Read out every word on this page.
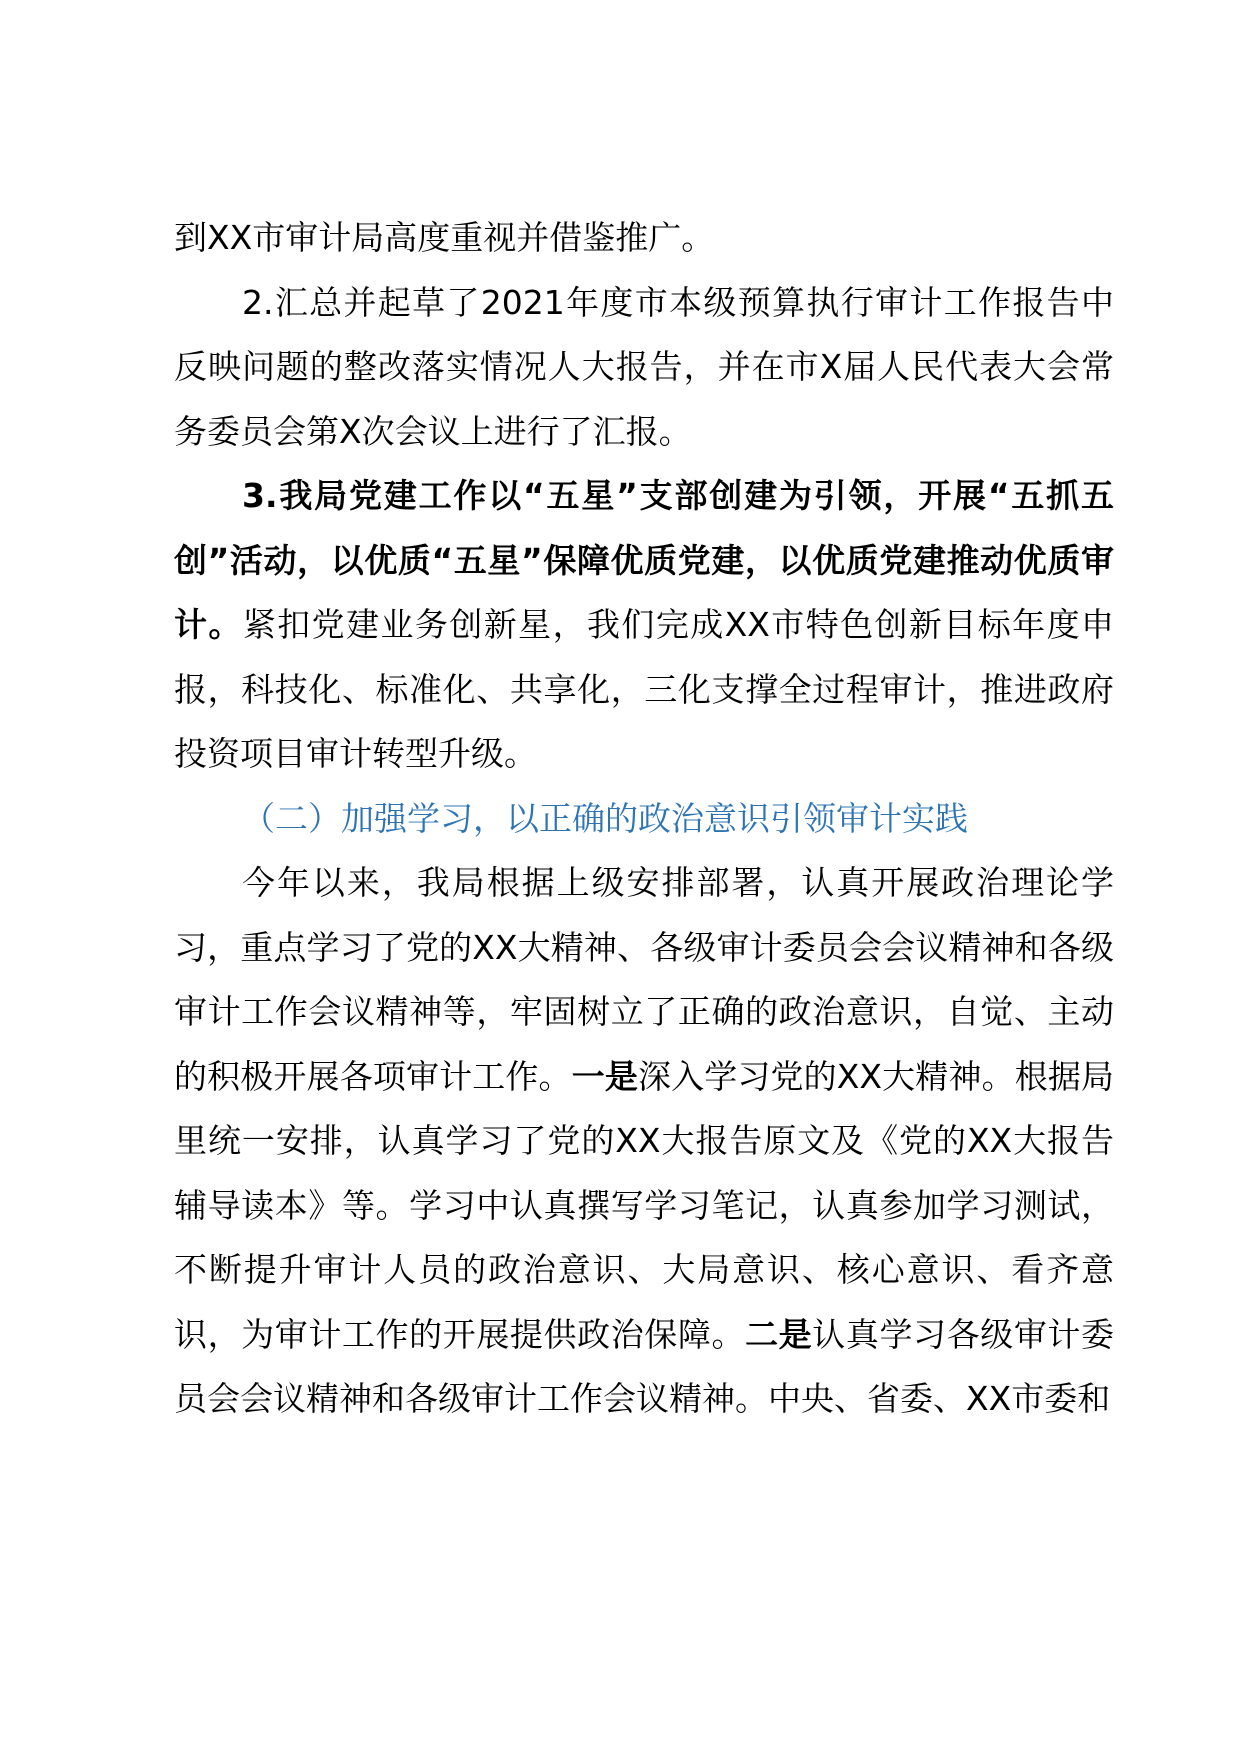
到XX市审计局高度重视并借鉴推广。

2.汇总并起草了2021年度市本级预算执行审计工作报告中反映问题的整改落实情况人大报告，并在市X届人民代表大会常务委员会第X次会议上进行了汇报。

3.我局党建工作以“五星”支部创建为引领，开展“五抓五创”活动，以优质“五星”保障优质党建，以优质党建推动优质审计。紧扣党建业务创新星，我们完成XX市特色创新目标年度申报，科技化、标准化、共享化，三化支撑全过程审计，推进政府投资项目审计转型升级。

（二）加强学习，以正确的政治意识引领审计实践

今年以来，我局根据上级安排部署，认真开展政治理论学习，重点学习了党的XX大精神、各级审计委员会会议精神和各级审计工作会议精神等，牢固树立了正确的政治意识，自觉、主动的积极开展各项审计工作。一是深入学习党的XX大精神。根据局里统一安排，认真学习了党的XX大报告原文及《党的XX大报告辅导读本》等。学习中认真撰写学习笔记，认真参加学习测试，不断提升审计人员的政治意识、大局意识、核心意识、看齐意识，为审计工作的开展提供政治保障。二是认真学习各级审计委员会会议精神和各级审计工作会议精神。中央、省委、XX市委和
